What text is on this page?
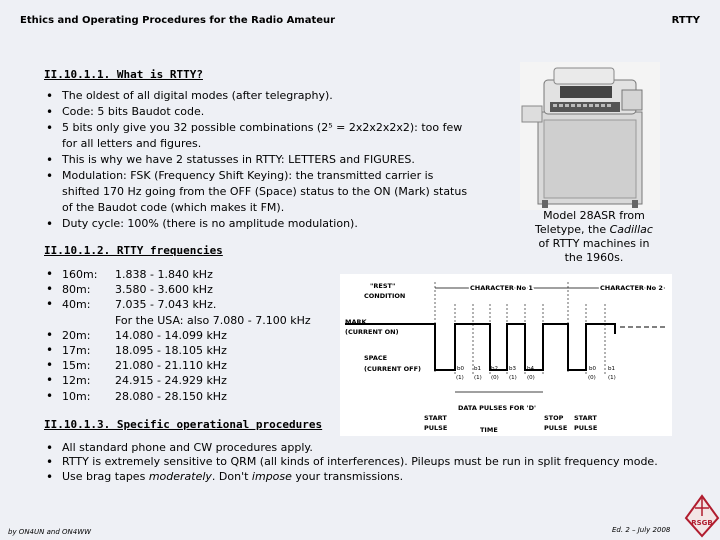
Ethics and Operating Procedures for the Radio Amateur	RTTY
II.10.1.1. What is RTTY?
• The oldest of all digital modes (after telegraphy).
• Code: 5 bits Baudot code.
• 5 bits only give you 32 possible combinations (2⁵ = 2x2x2x2x2): too few for all letters and figures.
• This is why we have 2 statusses in RTTY: LETTERS and FIGURES.
• Modulation: FSK (Frequency Shift Keying): the transmitted carrier is shifted 170 Hz going from the OFF (Space) status to the ON (Mark) status of the Baudot code (which makes it FM).
• Duty cycle: 100% (there is no amplitude modulation).
Model 28ASR from
Teletype, the Cadillac
of RTTY machines in
the 1960s.
II.10.1.2. RTTY frequencies
• 160m: 1.838 - 1.840 kHz
• 80m: 3.580 - 3.600 kHz
• 40m: 7.035 - 7.043 kHz.
For the USA: also 7.080 - 7.100 kHz
• 20m: 14.080 - 14.099 kHz
• 17m: 18.095 - 18.105 kHz
• 15m: 21.080 - 21.110 kHz
• 12m: 24.915 - 24.929 kHz
• 10m: 28.080 - 28.150 kHz
"REST"
CONDITION
CHARACTER No 1	CHARACTER No 2
MARK
(CURRENT ON)
SPACE
(CURRENT OFF)	b0 b1 b2 b3 b4
(1) (1) (0) (1) (0)
b0 b1
(0) (1)
DATA PULSES FOR 'D'
START
PULSE
STOP
PULSE
START
PULSE
TIME
II.10.1.3. Specific operational procedures
• All standard phone and CW procedures apply.
• RTTY is extremely sensitive to QRM (all kinds of interferences). Pileups must be run in split frequency mode.
• Use brag tapes moderately. Don't impose your transmissions.
by ON4UN and ON4WW	Ed. 2 – July 2008
RSGB
